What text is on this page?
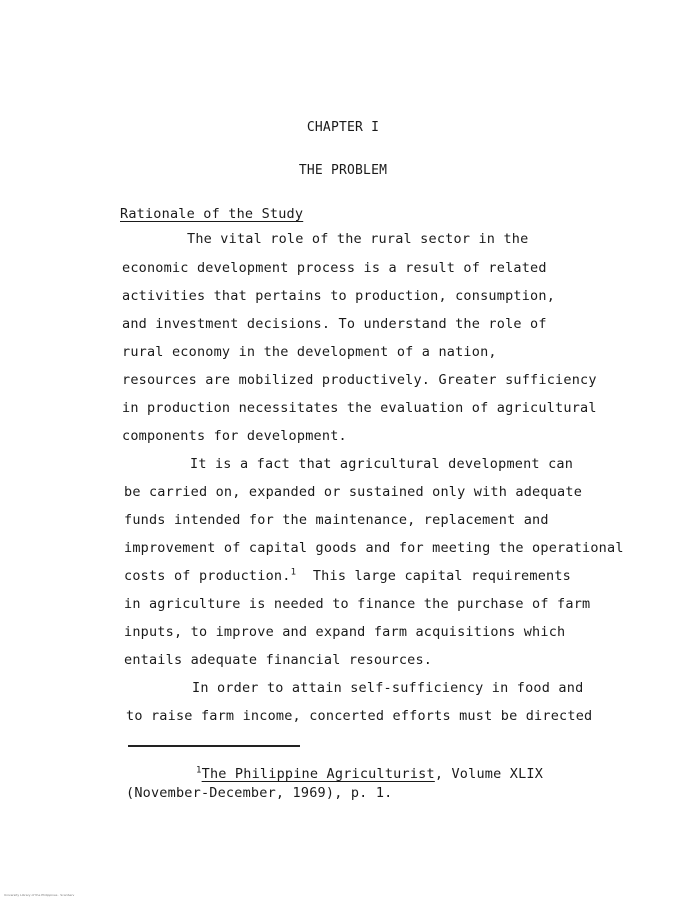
CHAPTER I
THE PROBLEM
Rationale of the Study
The vital role of the rural sector in the
economic development process is a result of related
activities that pertains to production, consumption,
and investment decisions. To understand the role of
rural economy in the development of a nation,
resources are mobilized productively. Greater sufficiency
in production necessitates the evaluation of agricultural
components for development.
It is a fact that agricultural development can
be carried on, expanded or sustained only with adequate
funds intended for the maintenance, replacement and
improvement of capital goods and for meeting the operational
costs of production.$^1$ This large capital requirements
in agriculture is needed to finance the purchase of farm
inputs, to improve and expand farm acquisitions which
entails adequate financial resources.
In order to attain self-sufficiency in food and
to raise farm income, concerted efforts must be directed
$^1$The Philippine Agriculturist, Volume XLIX
(November-December, 1969), p. 1.
University Library of the Philippines · ScanServ
